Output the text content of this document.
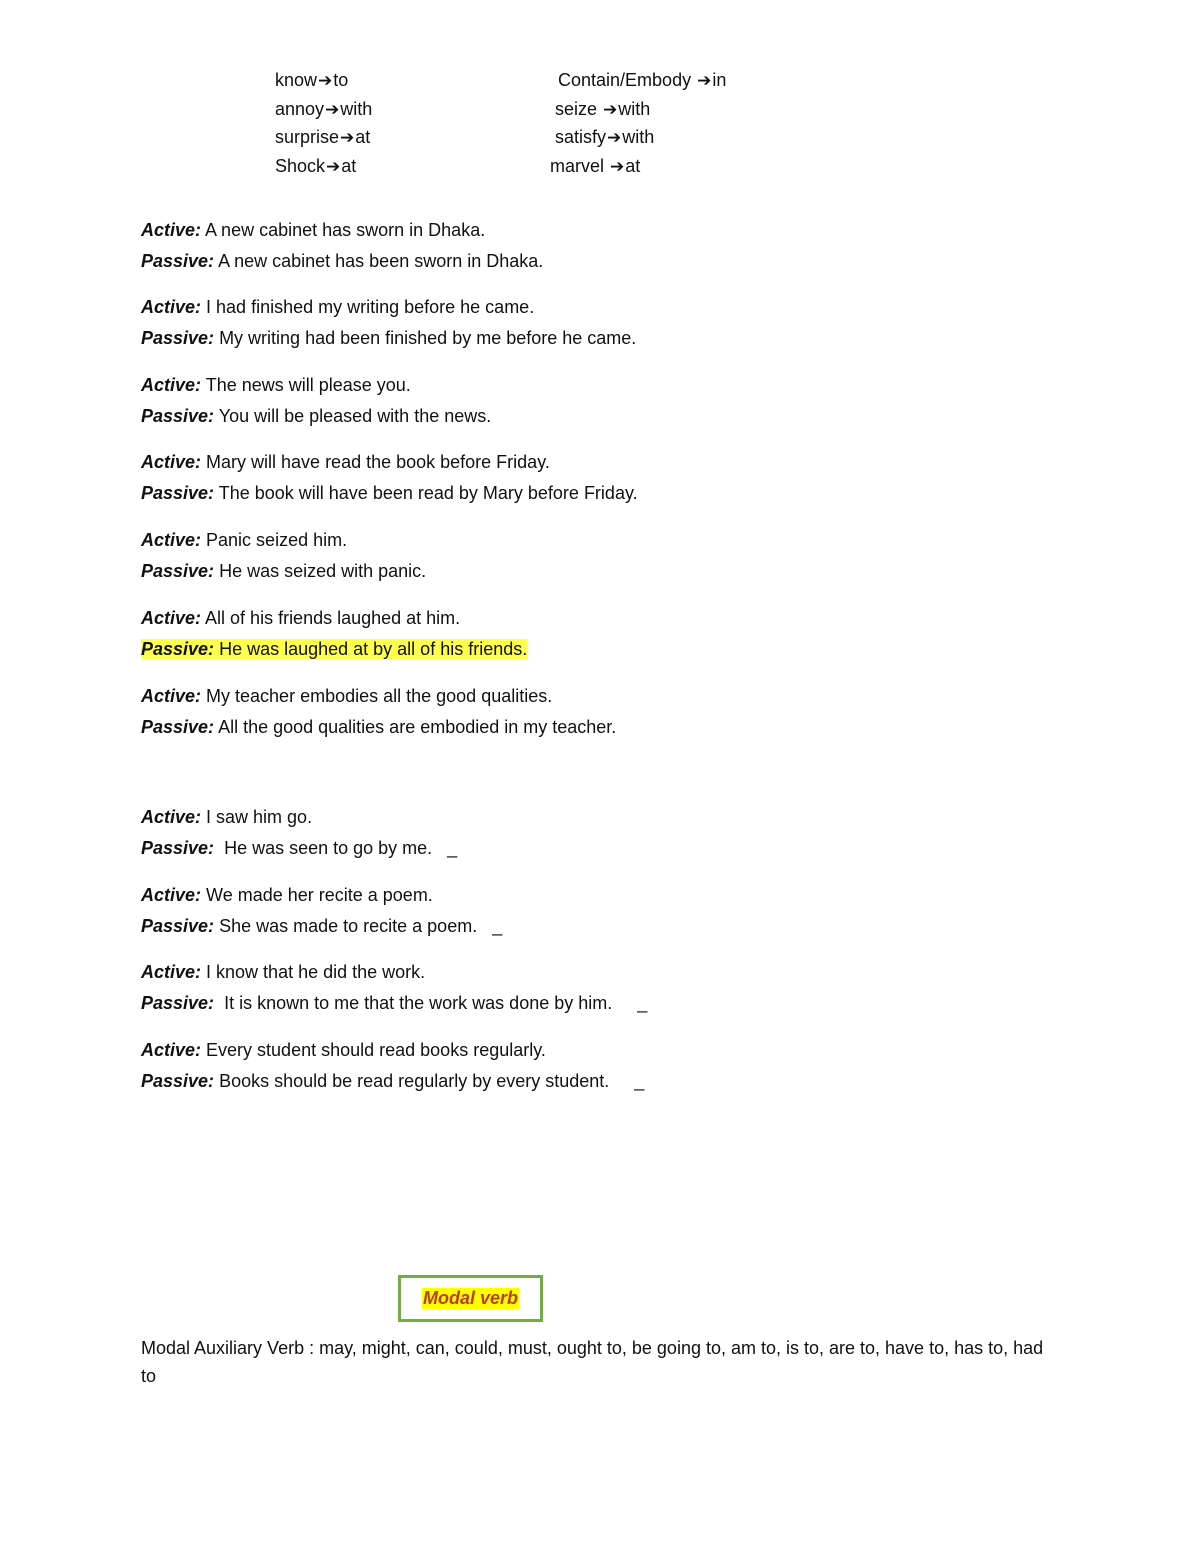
know➔to	Contain/Embody ➔in
annoy➔with	seize ➔with
surprise➔at	satisfy➔with
Shock➔at	marvel ➔at
Active: A new cabinet has sworn in Dhaka.
Passive: A new cabinet has been sworn in Dhaka.
Active: I had finished my writing before he came.
Passive: My writing had been finished by me before he came.
Active: The news will please you.
Passive: You will be pleased with the news.
Active: Mary will have read the book before Friday.
Passive: The book will have been read by Mary before Friday.
Active: Panic seized him.
Passive: He was seized with panic.
Active: All of his friends laughed at him.
Passive: He was laughed at by all of his friends.
Active: My teacher embodies all the good qualities.
Passive: All the good qualities are embodied in my teacher.
Active: I saw him go.
Passive:  He was seen to go by me.   _
Active: We made her recite a poem.
Passive: She was made to recite a poem.   _
Active: I know that he did the work.
Passive:  It is known to me that the work was done by him.     _
Active: Every student should read books regularly.
Passive: Books should be read regularly by every student.     _
Modal verb
Modal Auxiliary Verb : may, might, can, could, must, ought to, be going to, am to, is to, are to, have to, has to, had to
